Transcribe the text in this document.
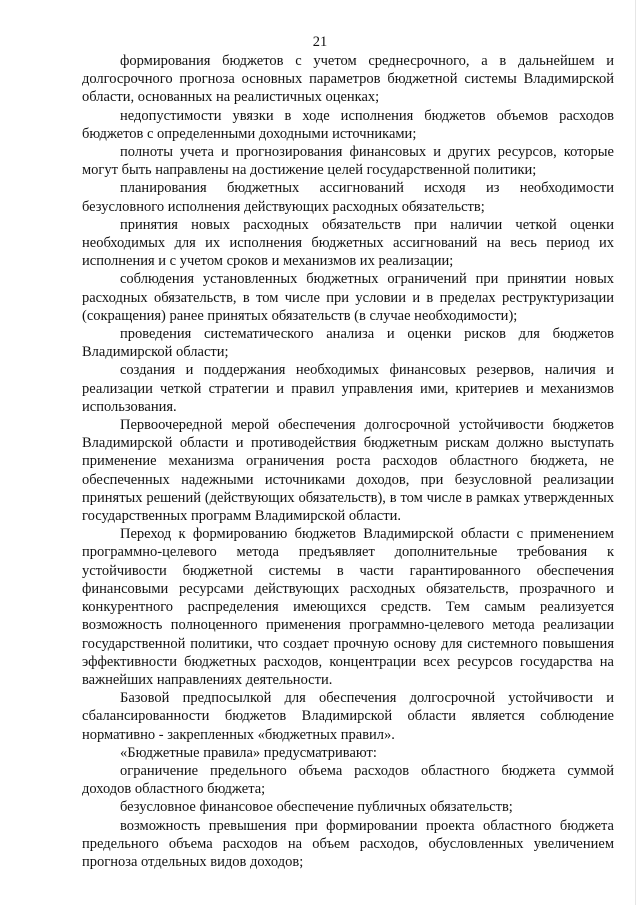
21

формирования бюджетов с учетом среднесрочного, а в дальнейшем и долгосрочного прогноза основных параметров бюджетной системы Владимирской области, основанных на реалистичных оценках;

недопустимости увязки в ходе исполнения бюджетов объемов расходов бюджетов с определенными доходными источниками;

полноты учета и прогнозирования финансовых и других ресурсов, которые могут быть направлены на достижение целей государственной политики;

планирования бюджетных ассигнований исходя из необходимости безусловного исполнения действующих расходных обязательств;

принятия новых расходных обязательств при наличии четкой оценки необходимых для их исполнения бюджетных ассигнований на весь период их исполнения и с учетом сроков и механизмов их реализации;

соблюдения установленных бюджетных ограничений при принятии новых расходных обязательств, в том числе при условии и в пределах реструктуризации (сокращения) ранее принятых обязательств (в случае необходимости);

проведения систематического анализа и оценки рисков для бюджетов Владимирской области;

создания и поддержания необходимых финансовых резервов, наличия и реализации четкой стратегии и правил управления ими, критериев и механизмов использования.

Первоочередной мерой обеспечения долгосрочной устойчивости бюджетов Владимирской области и противодействия бюджетным рискам должно выступать применение механизма ограничения роста расходов областного бюджета, не обеспеченных надежными источниками доходов, при безусловной реализации принятых решений (действующих обязательств), в том числе в рамках утвержденных государственных программ Владимирской области.

Переход к формированию бюджетов Владимирской области с применением программно-целевого метода предъявляет дополнительные требования к устойчивости бюджетной системы в части гарантированного обеспечения финансовыми ресурсами действующих расходных обязательств, прозрачного и конкурентного распределения имеющихся средств. Тем самым реализуется возможность полноценного применения программно-целевого метода реализации государственной политики, что создает прочную основу для системного повышения эффективности бюджетных расходов, концентрации всех ресурсов государства на важнейших направлениях деятельности.

Базовой предпосылкой для обеспечения долгосрочной устойчивости и сбалансированности бюджетов Владимирской области является соблюдение нормативно - закрепленных «бюджетных правил».

«Бюджетные правила» предусматривают:

ограничение предельного объема расходов областного бюджета суммой доходов областного бюджета;

безусловное финансовое обеспечение публичных обязательств;

возможность превышения при формировании проекта областного бюджета предельного объема расходов на объем расходов, обусловленных увеличением прогноза отдельных видов доходов;
